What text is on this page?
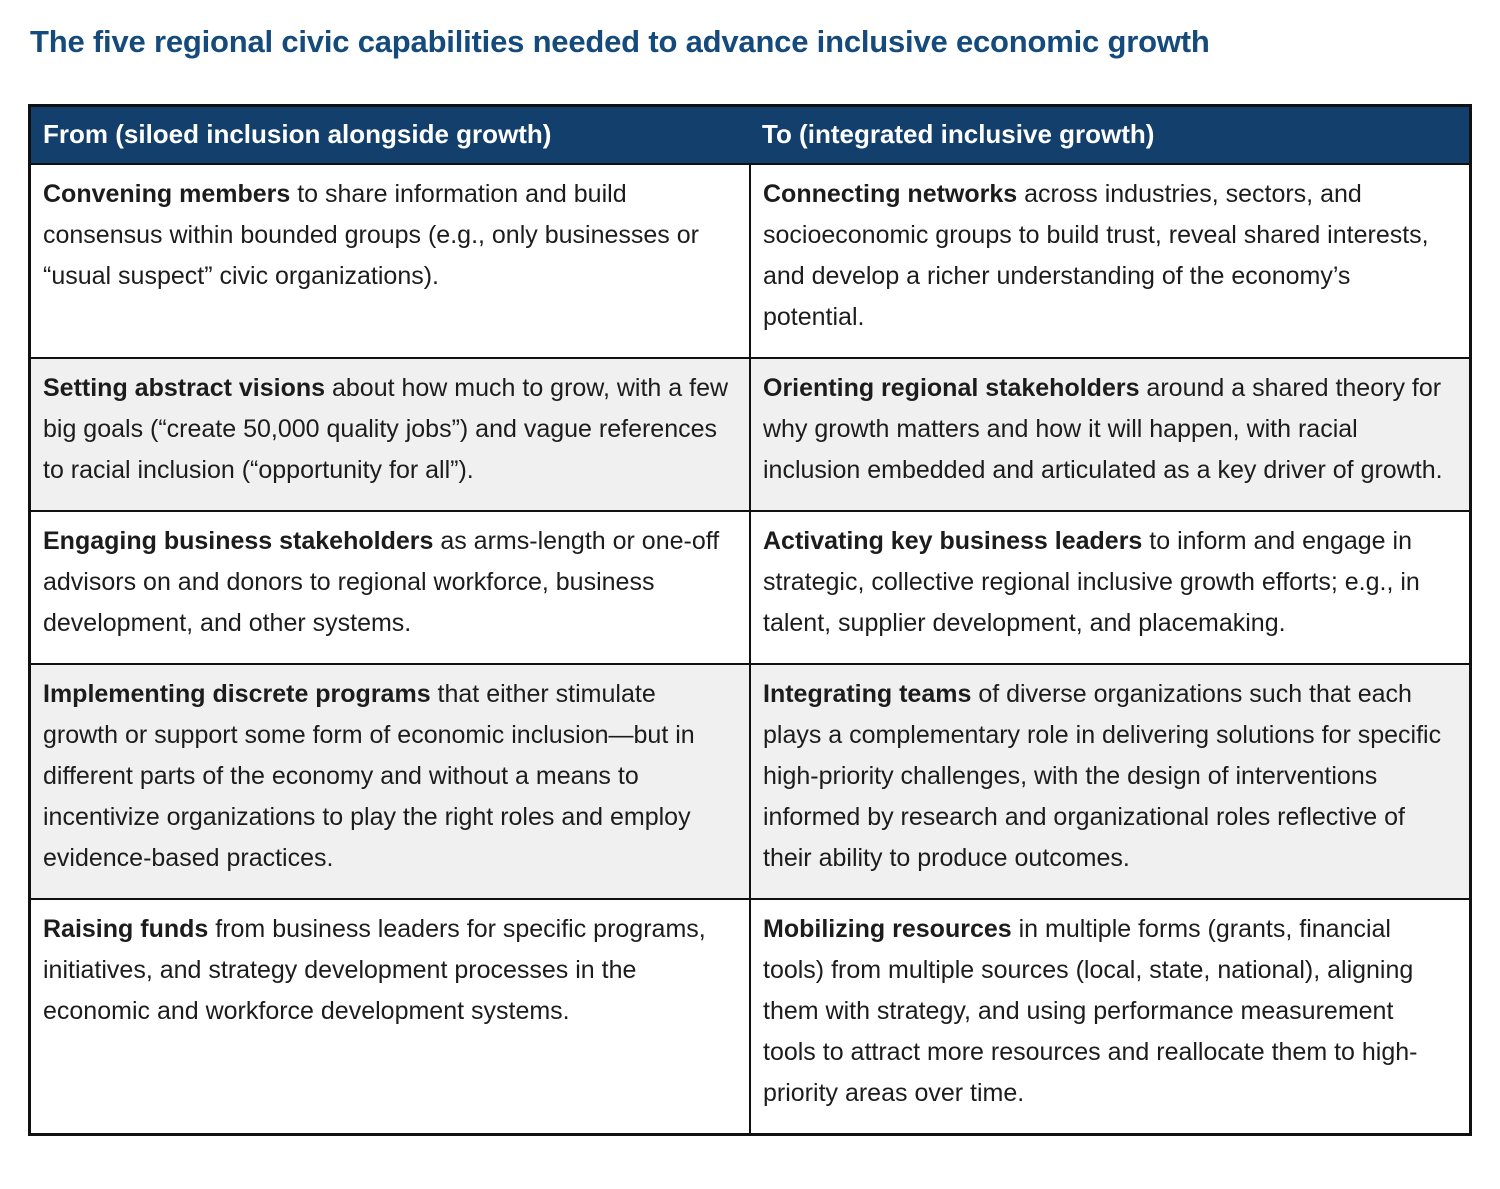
The five regional civic capabilities needed to advance inclusive economic growth
From (siloed inclusion alongside growth)	To (integrated inclusive growth)
Convening members to share information and build consensus within bounded groups (e.g., only businesses or “usual suspect” civic organizations).	Connecting networks across industries, sectors, and socioeconomic groups to build trust, reveal shared interests, and develop a richer understanding of the economy’s potential.
Setting abstract visions about how much to grow, with a few big goals (“create 50,000 quality jobs”) and vague references to racial inclusion (“opportunity for all”).	Orienting regional stakeholders around a shared theory for why growth matters and how it will happen, with racial inclusion embedded and articulated as a key driver of growth.
Engaging business stakeholders as arms-length or one-off advisors on and donors to regional workforce, business development, and other systems.	Activating key business leaders to inform and engage in strategic, collective regional inclusive growth efforts; e.g., in talent, supplier development, and placemaking.
Implementing discrete programs that either stimulate growth or support some form of economic inclusion—but in different parts of the economy and without a means to incentivize organizations to play the right roles and employ evidence-based practices.	Integrating teams of diverse organizations such that each plays a complementary role in delivering solutions for specific high-priority challenges, with the design of interventions informed by research and organizational roles reflective of their ability to produce outcomes.
Raising funds from business leaders for specific programs, initiatives, and strategy development processes in the economic and workforce development systems.	Mobilizing resources in multiple forms (grants, financial tools) from multiple sources (local, state, national), aligning them with strategy, and using performance measurement tools to attract more resources and reallocate them to high-priority areas over time.
